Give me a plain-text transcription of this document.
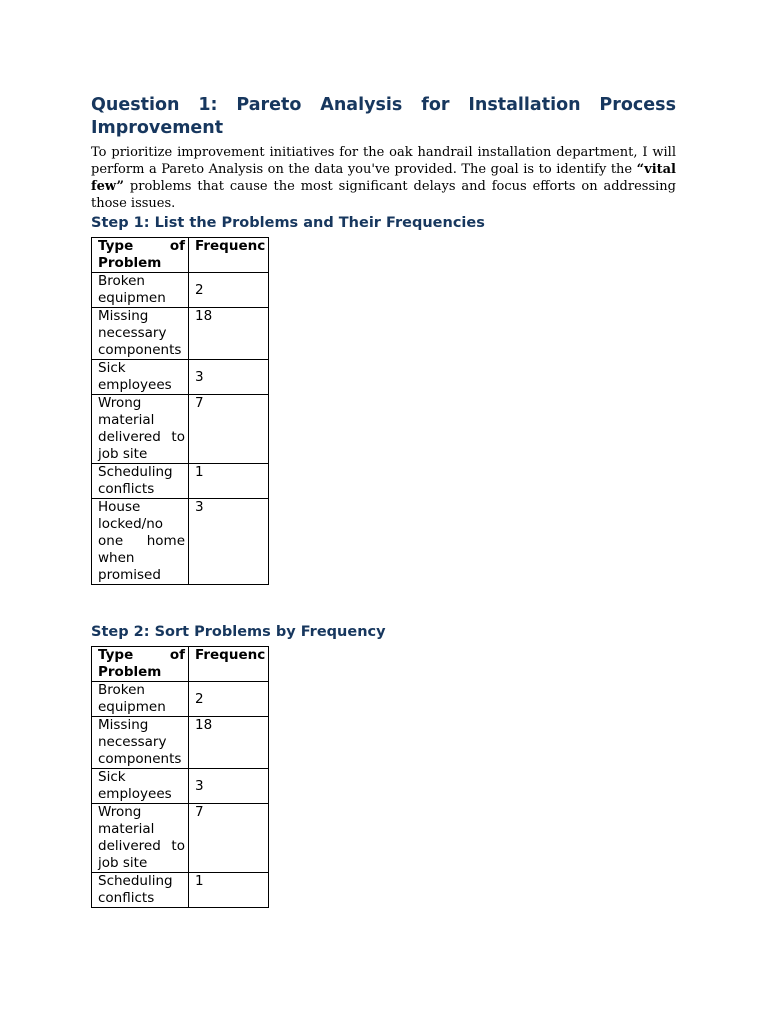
Question 1: Pareto Analysis for Installation Process Improvement

To prioritize improvement initiatives for the oak handrail installation department, I will perform a Pareto Analysis on the data you've provided. The goal is to identify the “vital few” problems that cause the most significant delays and focus efforts on addressing those issues.

Step 1: List the Problems and Their Frequencies
Type of Problem	Frequenc
Broken equipmen	2
Missing necessary components	18
Sick employees	3
Wrong material delivered to job site	7
Scheduling conflicts	1
House locked/no one home when promised	3
Step 2: Sort Problems by Frequency
Type of Problem	Frequenc
Broken equipmen	2
Missing necessary components	18
Sick employees	3
Wrong material delivered to job site	7
Scheduling conflicts	1
